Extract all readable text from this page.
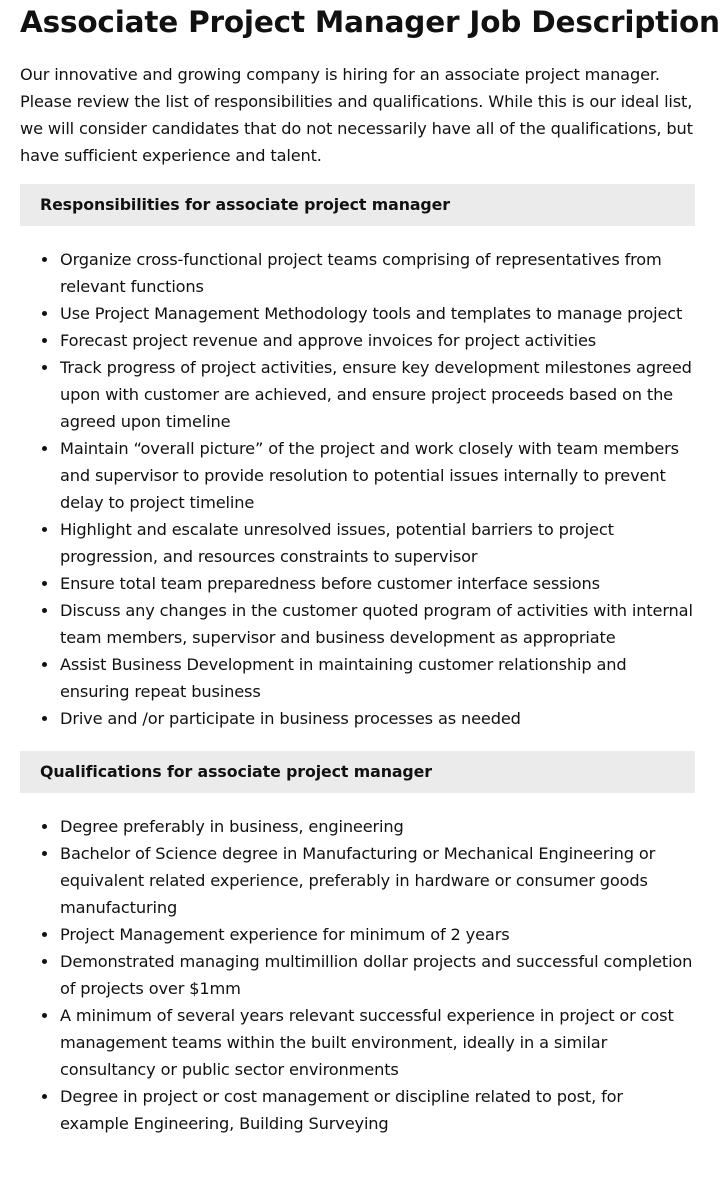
Associate Project Manager Job Description

Our innovative and growing company is hiring for an associate project manager. Please review the list of responsibilities and qualifications. While this is our ideal list, we will consider candidates that do not necessarily have all of the qualifications, but have sufficient experience and talent.

Responsibilities for associate project manager
Organize cross-functional project teams comprising of representatives from relevant functions
Use Project Management Methodology tools and templates to manage project
Forecast project revenue and approve invoices for project activities
Track progress of project activities, ensure key development milestones agreed upon with customer are achieved, and ensure project proceeds based on the agreed upon timeline
Maintain “overall picture” of the project and work closely with team members and supervisor to provide resolution to potential issues internally to prevent delay to project timeline
Highlight and escalate unresolved issues, potential barriers to project progression, and resources constraints to supervisor
Ensure total team preparedness before customer interface sessions
Discuss any changes in the customer quoted program of activities with internal team members, supervisor and business development as appropriate
Assist Business Development in maintaining customer relationship and ensuring repeat business
Drive and /or participate in business processes as needed
Qualifications for associate project manager
Degree preferably in business, engineering
Bachelor of Science degree in Manufacturing or Mechanical Engineering or equivalent related experience, preferably in hardware or consumer goods manufacturing
Project Management experience for minimum of 2 years
Demonstrated managing multimillion dollar projects and successful completion of projects over $1mm
A minimum of several years relevant successful experience in project or cost management teams within the built environment, ideally in a similar consultancy or public sector environments
Degree in project or cost management or discipline related to post, for example Engineering, Building Surveying
